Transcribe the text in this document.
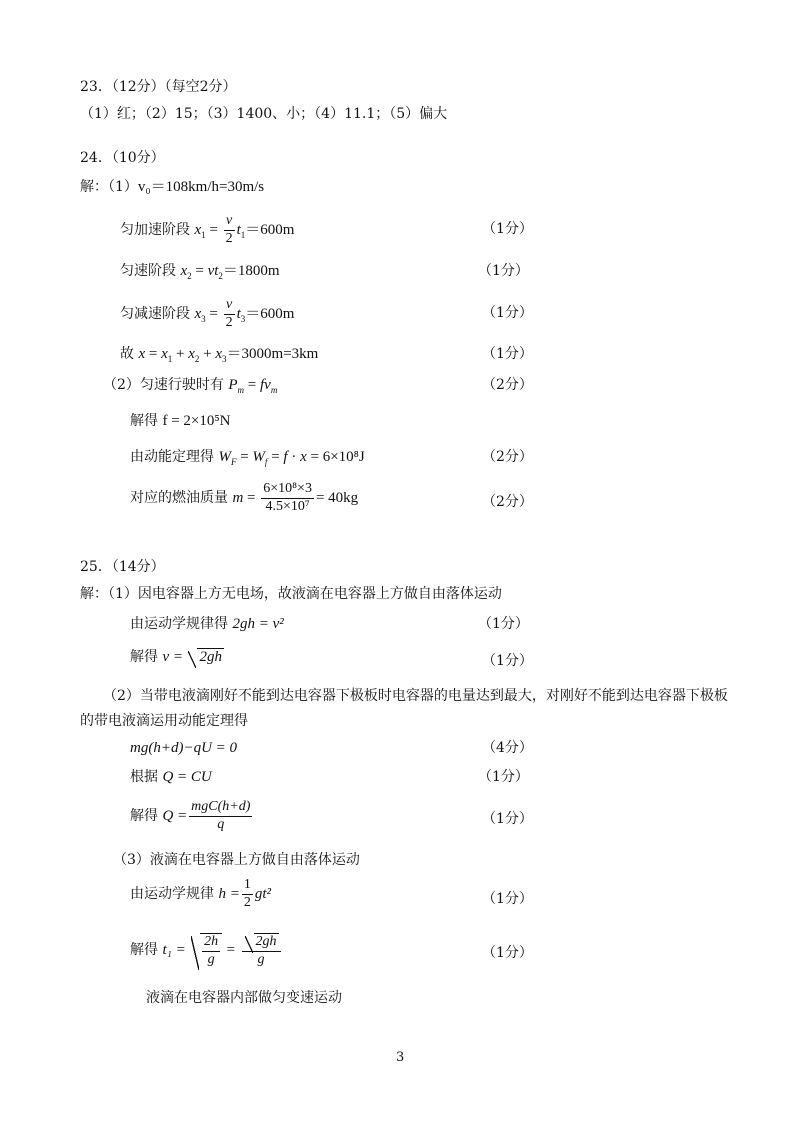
23．（12分）（每空2分）
（1）红；（2）15；（3）1400、小；（4）11.1；（5）偏大
24．（10分）
解：（1）v₀＝108km/h=30m/s
匀加速阶段 $x_1 = \frac{v}{2} t_1=600m$	（1分）
匀速阶段 $x_2 = vt_2=1800m$	（1分）
匀减速阶段 $x_3 = \frac{v}{2} t_3=600m$	（1分）
故 $x = x_1 + x_2 + x_3=3000m=3km$	（1分）
（2）匀速行驶时有 $P_m = fv_m$	（2分）
解得 f = 2×10⁵N
由动能定理得 $W_F = W_f = f \cdot x = 6\times 10^8J$	（2分）
对应的燃油质量 $m = \frac{\text{6×10⁸×3}}{\text{4.5×10⁷}} = 40kg$	（2分）
25．（14分）
解：（1）因电容器上方无电场，故液滴在电容器上方做自由落体运动
由运动学规律得 2gh = v²	（1分）
解得 v = 2gh	（1分）
（2）当带电液滴刚好不能到达电容器下极板时电容器的电量达到最大，对刚好不能到达电容器下极板
的带电液滴运用动能定理得
mg(h+d)−qU = 0	（4分）
根据 Q = CU	（1分）
解得 $Q = \frac{\text{mgC(h+d)}}{q}$	（1分）
（3）液滴在电容器上方做自由落体运动
由运动学规律 $h = \frac{1}{2} gt^2$	（1分）
解得 $t_1 = \frac{2h}{g} = \frac{2gh}{g}$	（1分）
液滴在电容器内部做匀变速运动
3
